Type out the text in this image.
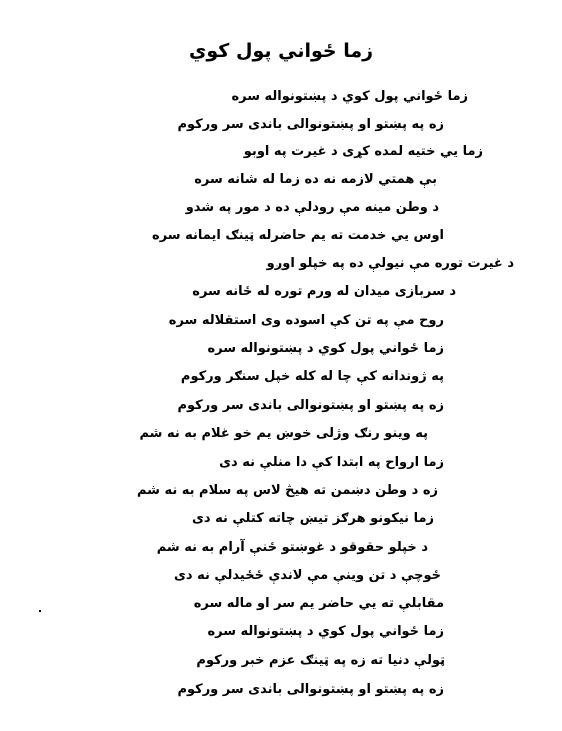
زما ځواني پول کوي
زما ځواني پول کوي د پښتونواله سره
زه په پښتو او پښتونوالی باندی سر ورکوم
زما يي ختيه لمده کړی د غيرت په اوبو
بې همتي لازمه نه ده زما له شانه سره
د وطن مينه مې رودلې ده د مور په شدو
اوس يي خدمت ته يم حاضرله ټينګ ايمانه سره
د غيرت توره مې نيولې ده په خپلو اوږو
د سربازی ميدان له ورم توره له ځانه سره
روح مې په تن کې اسوده وی استقلاله سره
زما ځواني پول کوي د پښتونواله سره
په ژوندانه کې چا له کله خپل سنګر ورکوم
زه په پښتو او پښتونوالی باندی سر ورکوم
په وينو رنګ وژلی خوښ يم خو غلام به نه شم
زما ارواح په ابتدا کې دا منلې نه دی
زه د وطن دښمن ته هيڅ لاس په سلام به نه شم
زما نيکونو هرګز تيښ چاته کتلې نه دی
د خپلو حقوقو د غوښتو ځنې آرام به نه شم
ځوچې د تن وينې مې لاندې ځځيدلې نه دی
مقابلې ته يي حاضر يم سر او ماله سره
زما ځواني پول کوي د پښتونواله سره
ټولې دنيا ته زه په ټينګ عزم خبر ورکوم
زه په پښتو او پښتونوالی باندی سر ورکوم
